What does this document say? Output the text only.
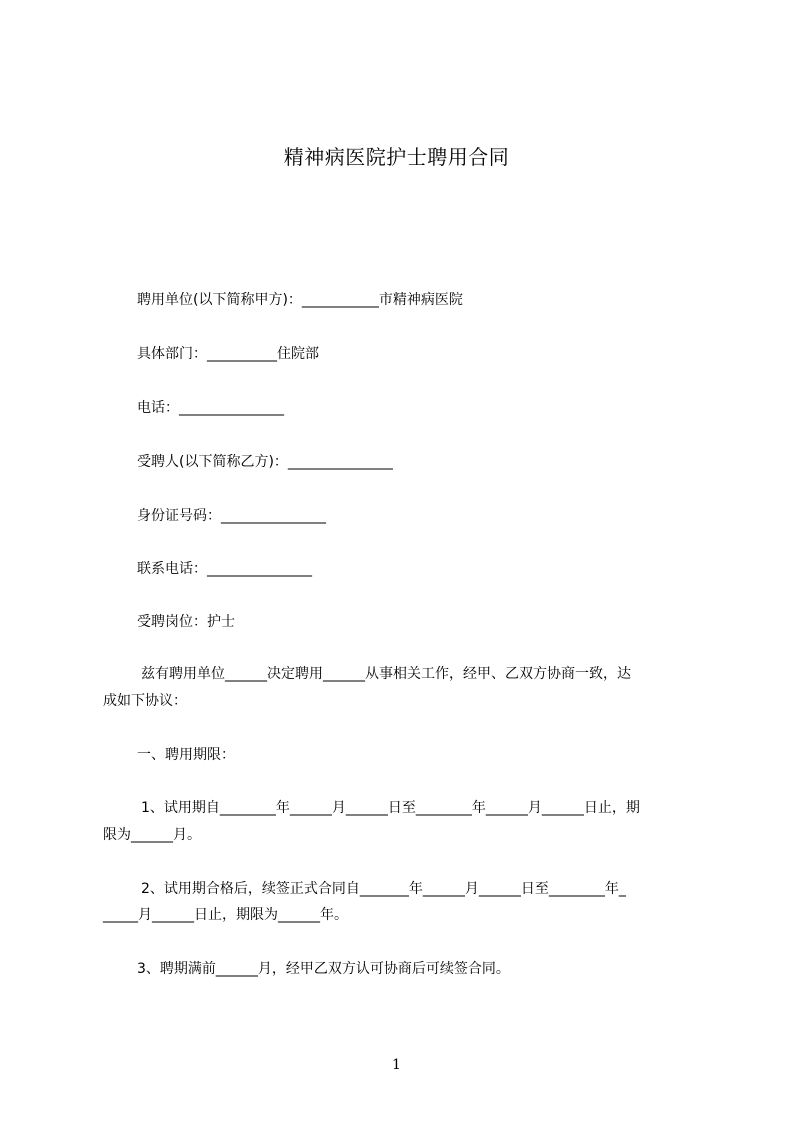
精神病医院护士聘用合同
聘用单位(以下简称甲方)：___________市精神病医院
具体部门：__________住院部
电话：_______________
受聘人(以下简称乙方)：_______________
身份证号码：_______________
联系电话：_______________
受聘岗位：护士
兹有聘用单位______决定聘用______从事相关工作，经甲、乙双方协商一致，达
成如下协议：
一、聘用期限：
1、试用期自________年______月______日至________年______月______日止，期
限为______月。
2、试用期合格后，续签正式合同自_______年______月______日至________年_
_____月______日止，期限为______年。
3、聘期满前______月，经甲乙双方认可协商后可续签合同。
1
